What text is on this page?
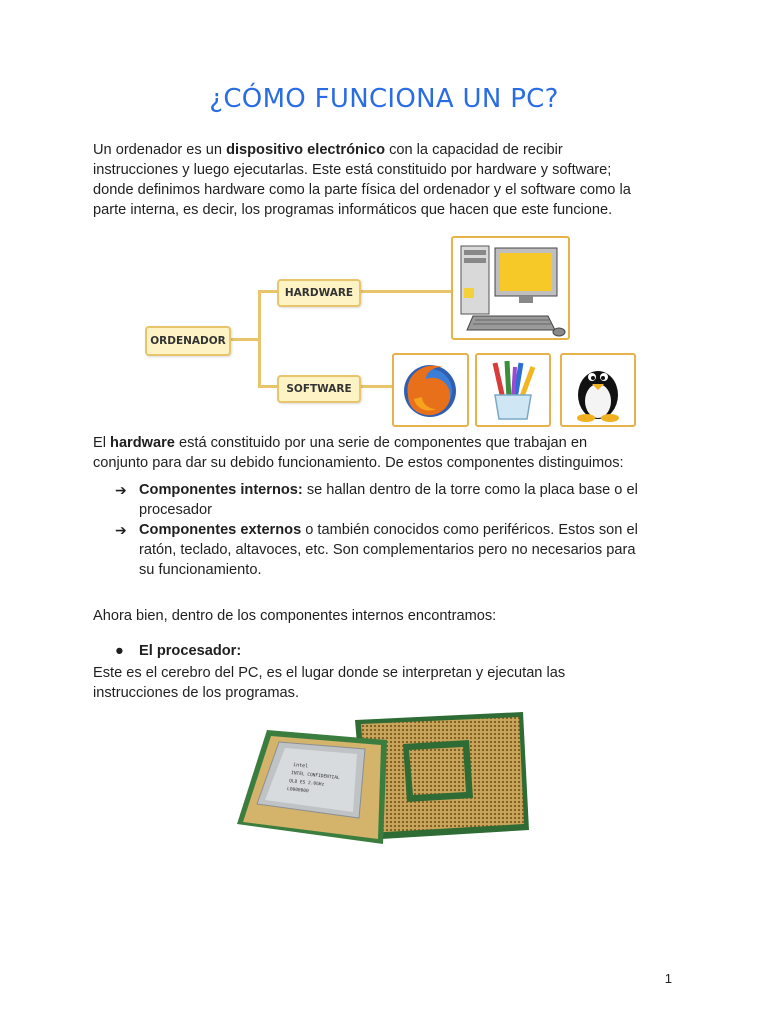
¿CÓMO FUNCIONA UN PC?

Un ordenador es un dispositivo electrónico con la capacidad de recibir
instrucciones y luego ejecutarlas. Este está constituido por hardware y software;
donde definimos hardware como la parte física del ordenador y el software como la
parte interna, es decir, los programas informáticos que hacen que este funcione.

ORDENADOR
HARDWARE
SOFTWARE

El hardware está constituido por una serie de componentes que trabajan en
conjunto para dar su debido funcionamiento. De estos componentes distinguimos:

➔ Componentes internos: se hallan dentro de la torre como la placa base o el
procesador
➔ Componentes externos o también conocidos como periféricos. Estos son el
ratón, teclado, altavoces, etc. Son complementarios pero no necesarios para
su funcionamiento.

Ahora bien, dentro de los componentes internos encontramos:

● El procesador:

Este es el cerebro del PC, es el lugar donde se interpretan y ejecutan las
instrucciones de los programas.

intel
INTEL CONFIDENTIAL
QL8 ES 2.0GHz
L0000000
1
